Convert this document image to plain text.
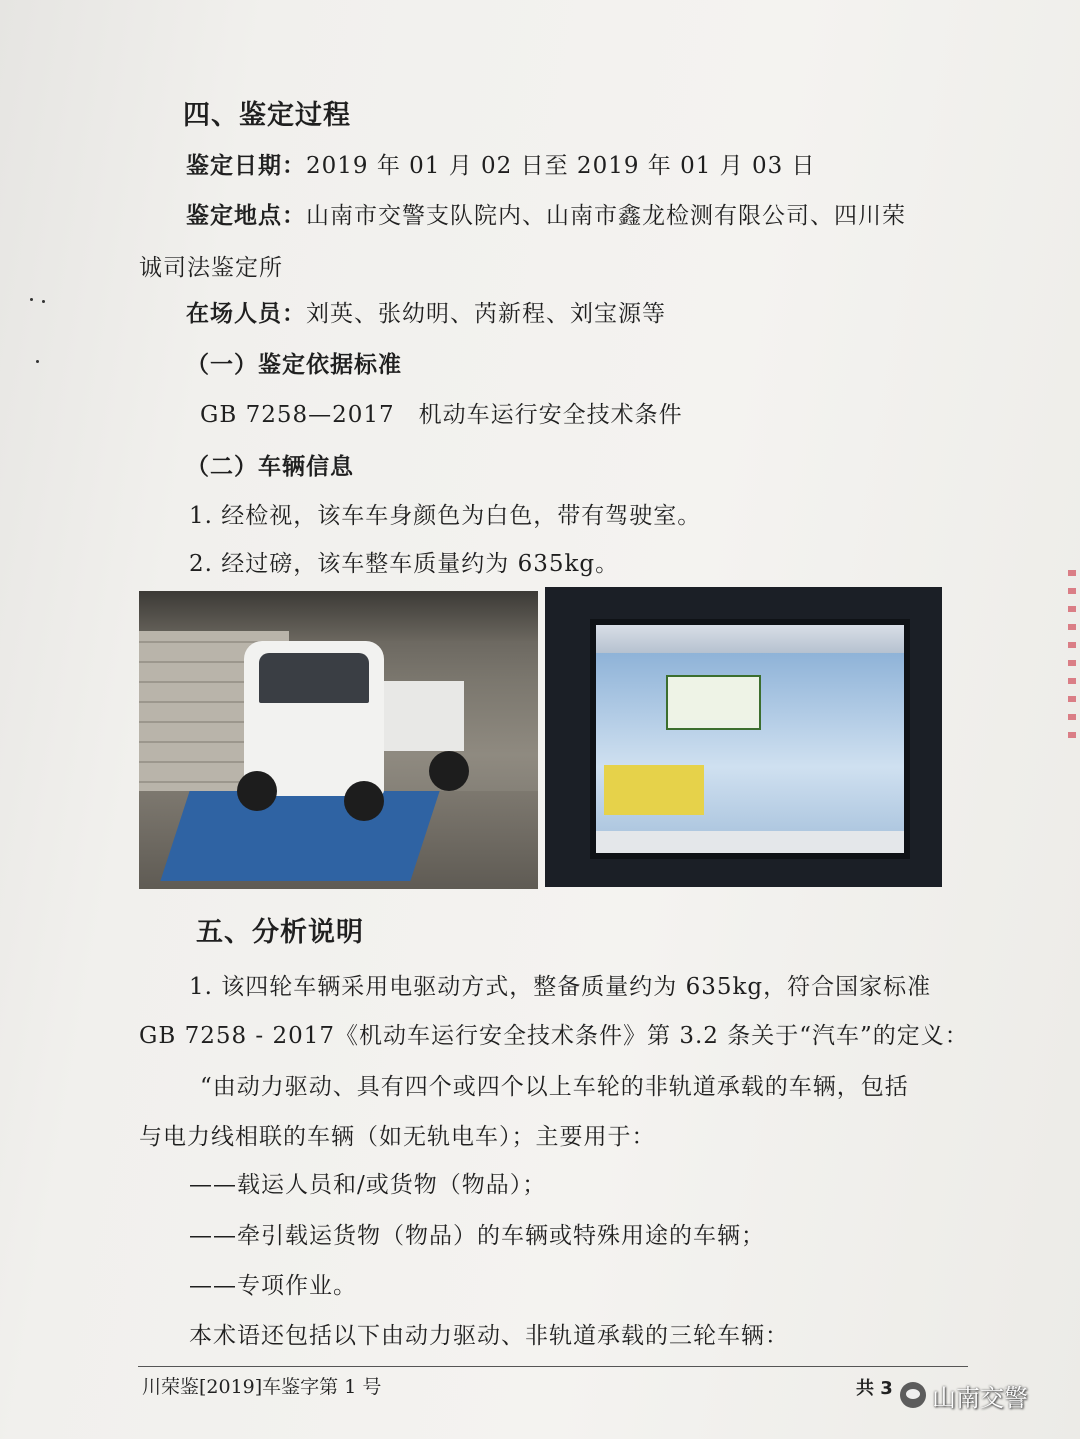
四、鉴定过程
鉴定日期：2019 年 01 月 02 日至 2019 年 01 月 03 日
鉴定地点：山南市交警支队院内、山南市鑫龙检测有限公司、四川荣
诚司法鉴定所
在场人员：刘英、张幼明、芮新程、刘宝源等
（一）鉴定依据标准
GB 7258—2017　机动车运行安全技术条件
（二）车辆信息
1. 经检视，该车车身颜色为白色，带有驾驶室。
2. 经过磅，该车整车质量约为 635kg。
五、分析说明
1. 该四轮车辆采用电驱动方式，整备质量约为 635kg，符合国家标准
GB 7258 - 2017《机动车运行安全技术条件》第 3.2 条关于“汽车”的定义：
“由动力驱动、具有四个或四个以上车轮的非轨道承载的车辆，包括
与电力线相联的车辆（如无轨电车）；主要用于：
——载运人员和/或货物（物品）；
——牵引载运货物（物品）的车辆或特殊用途的车辆；
——专项作业。
本术语还包括以下由动力驱动、非轨道承载的三轮车辆：
川荣鉴[2019]车鉴字第 1 号	共 3 山南交警
